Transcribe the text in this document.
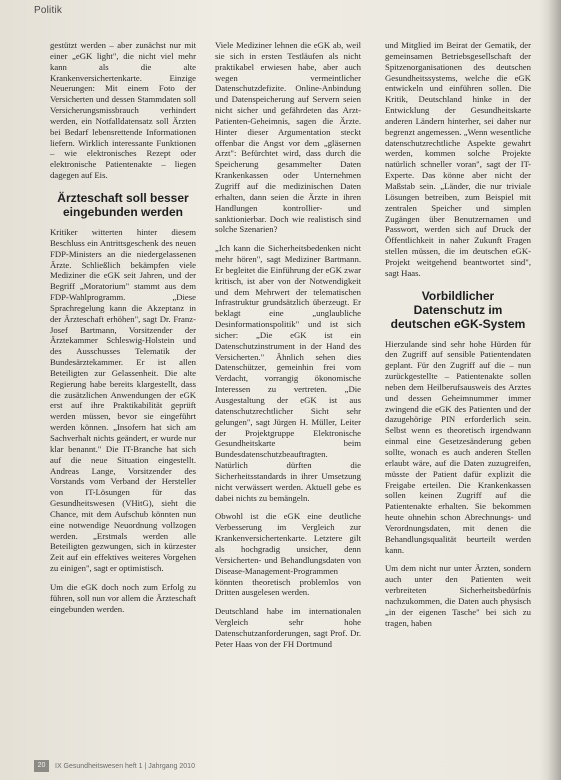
Politik

gestützt werden – aber zunächst nur mit einer „eGK light", die nicht viel mehr kann als die alte Krankenversichertenkarte. Einzige Neuerungen: Mit einem Foto der Versicherten und dessen Stammdaten soll Versicherungsmissbrauch verhindert werden, ein Notfalldatensatz soll Ärzten bei Bedarf lebensrettende Informationen liefern. Wirklich interessante Funktionen – wie elektronisches Rezept oder elektronische Patientenakte – liegen dagegen auf Eis.

Ärzteschaft soll besser eingebunden werden

Kritiker witterten hinter diesem Beschluss ein Antrittsgeschenk des neuen FDP-Ministers an die niedergelassenen Ärzte. Schließlich bekämpfen viele Mediziner die eGK seit Jahren, und der Begriff „Moratorium" stammt aus dem FDP-Wahlprogramm. „Diese Sprachregelung kann die Akzeptanz in der Ärzteschaft erhöhen", sagt Dr. Franz-Josef Bartmann, Vorsitzender der Ärztekammer Schleswig-Holstein und des Ausschusses Telematik der Bundesärztekammer. Er ist allen Beteiligten zur Gelassenheit. Die alte Regierung habe bereits klargestellt, dass die zusätzlichen Anwendungen der eGK erst auf ihre Praktikabilität geprüft werden müssen, bevor sie eingeführt werden können. „Insofern hat sich am Sachverhalt nichts geändert, er wurde nur klar benannt." Die IT-Branche hat sich auf die neue Situation eingestellt. Andreas Lange, Vorsitzender des Vorstands vom Verband der Hersteller von IT-Lösungen für das Gesundheitswesen (VHitG), sieht die Chance, mit dem Aufschub könnten nun eine notwendige Neuordnung vollzogen werden. „Erstmals werden alle Beteiligten gezwungen, sich in kürzester Zeit auf ein effektives weiteres Vorgehen zu einigen", sagt er optimistisch.

Um die eGK doch noch zum Erfolg zu führen, soll nun vor allem die Ärzteschaft eingebunden werden.

Viele Mediziner lehnen die eGK ab, weil sie sich in ersten Testläufen als nicht praktikabel erwiesen habe, aber auch wegen vermeintlicher Datenschutzdefizite. Online-Anbindung und Datenspeicherung auf Servern seien nicht sicher und gefährdeten das Arzt-Patienten-Geheimnis, sagen die Ärzte. Hinter dieser Argumentation steckt offenbar die Angst vor dem „gläsernen Arzt": Befürchtet wird, dass durch die Speicherung gesammelter Daten Krankenkassen oder Unternehmen Zugriff auf die medizinischen Daten erhalten, dann seien die Ärzte in ihren Handlungen kontrollier- und sanktionierbar. Doch wie realistisch sind solche Szenarien?

„Ich kann die Sicherheitsbedenken nicht mehr hören", sagt Mediziner Bartmann. Er begleitet die Einführung der eGK zwar kritisch, ist aber von der Notwendigkeit und dem Mehrwert der telematischen Infrastruktur grundsätzlich überzeugt. Er beklagt eine „unglaubliche Desinformationspolitik" und ist sich sicher: „Die eGK ist ein Datenschutzinstrument in der Hand des Versicherten." Ähnlich sehen dies Datenschützer, gemeinhin frei vom Verdacht, vorrangig ökonomische Interessen zu vertreten. „Die Ausgestaltung der eGK ist aus datenschutzrechtlicher Sicht sehr gelungen", sagt Jürgen H. Müller, Leiter der Projektgruppe Elektronische Gesundheitskarte beim Bundesdatenschutzbeauftragten. Natürlich dürften die Sicherheitsstandards in ihrer Umsetzung nicht verwässert werden. Aktuell gebe es dabei nichts zu bemängeln.

Obwohl ist die eGK eine deutliche Verbesserung im Vergleich zur Krankenversichertenkarte. Letztere gilt als hochgradig unsicher, denn Versicherten- und Behandlungsdaten von Disease-Management-Programmen könnten theoretisch problemlos von Dritten ausgelesen werden.

Deutschland habe im internationalen Vergleich sehr hohe Datenschutzanforderungen, sagt Prof. Dr. Peter Haas von der FH Dortmund

und Mitglied im Beirat der Gematik, der gemeinsamen Betriebsgesellschaft der Spitzenorganisationen des deutschen Gesundheitssystems, welche die eGK entwickeln und einführen sollen. Die Kritik, Deutschland hinke in der Entwicklung der Gesundheitskarte anderen Ländern hinterher, sei daher nur begrenzt angemessen. „Wenn wesentliche datenschutzrechtliche Aspekte gewahrt werden, kommen solche Projekte natürlich schneller voran", sagt der IT-Experte. Das könne aber nicht der Maßstab sein. „Länder, die nur triviale Lösungen betreiben, zum Beispiel mit zentralen Speicher und simplen Zugängen über Benutzernamen und Passwort, werden sich auf Druck der Öffentlichkeit in naher Zukunft Fragen stellen müssen, die im deutschen eGK-Projekt weitgehend beantwortet sind", sagt Haas.

Vorbildlicher Datenschutz im deutschen eGK-System

Hierzulande sind sehr hohe Hürden für den Zugriff auf sensible Patientendaten geplant. Für den Zugriff auf die – nun zurückgestellte – Patientenakte sollen neben dem Heilberufsausweis des Arztes und dessen Geheimnummer immer zwingend die eGK des Patienten und der dazugehörige PIN erforderlich sein. Selbst wenn es theoretisch irgendwann einmal eine Gesetzesänderung geben sollte, wonach es auch anderen Stellen erlaubt wäre, auf die Daten zuzugreifen, müsste der Patient dafür explizit die Freigabe erteilen. Die Krankenkassen sollen keinen Zugriff auf die Patientenakte erhalten. Sie bekommen heute ohnehin schon Abrechnungs- und Verordnungsdaten, mit denen die Behandlungsqualität beurteilt werden kann.

Um dem nicht nur unter Ärzten, sondern auch unter den Patienten weit verbreiteten Sicherheitsbedürfnis nachzukommen, die Daten auch physisch „in der eigenen Tasche" bei sich zu tragen, haben

20	IX Gesundheitswesen heft 1 | Jahrgang 2010
